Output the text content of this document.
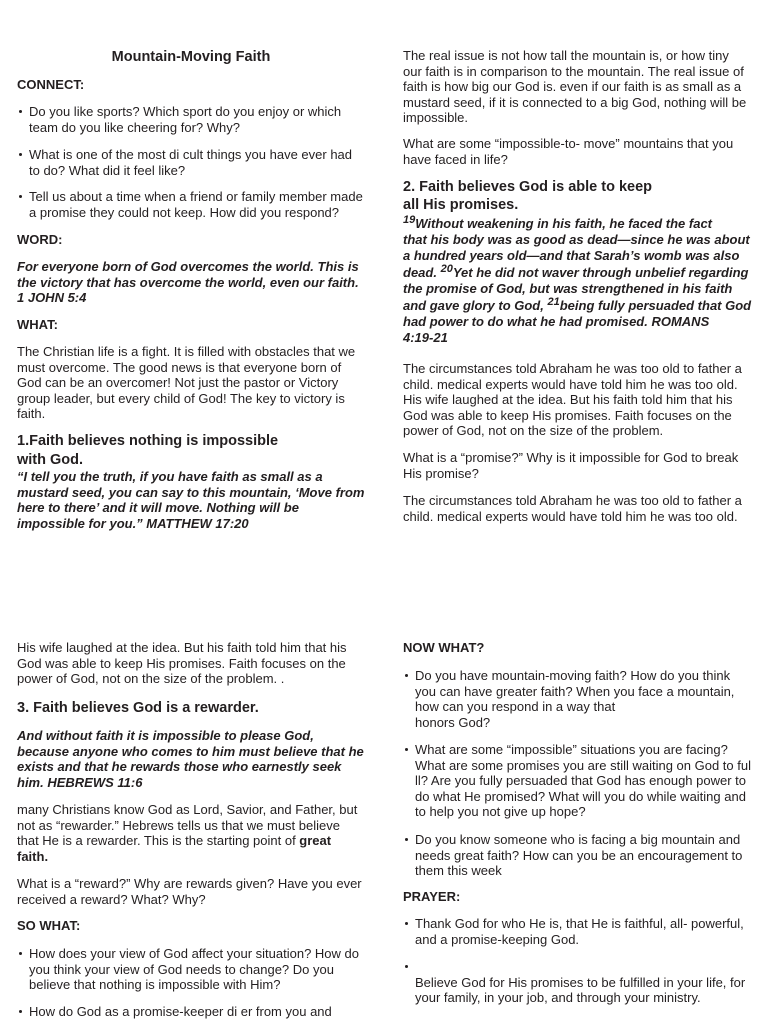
Mountain-Moving Faith
CONNECT:
Do you like sports? Which sport do you enjoy or which
team do you like cheering for? Why?
What is one of the most di cult things you have ever had
to do? What did it feel like?
Tell us about a time when a friend or family member made
a promise they could not keep. How did you respond?
WORD:
For everyone born of God overcomes the world. This is
the victory that has overcome the world, even our faith.
1 JOHN 5:4
WHAT:
The Christian life is a fight. It is filled with obstacles that we
must overcome. The good news is that everyone born of
God can be an overcomer! Not just the pastor or Victory
group leader, but every child of God! The key to victory is
faith.
1.Faith believes nothing is impossible
with God.
“I tell you the truth, if you have faith as small as a
mustard seed, you can say to this mountain, ‘Move from
here to there’ and it will move. Nothing will be
impossible for you.” MATTHEW 17:20
The real issue is not how tall the mountain is, or how tiny
our faith is in comparison to the mountain. The real issue of
faith is how big our God is. even if our faith is as small as a
mustard seed, if it is connected to a big God, nothing will be
impossible.
What are some “impossible-to- move” mountains that you
have faced in life?
2. Faith believes God is able to keep
all His promises.
$^{19}$Without weakening in his faith, he faced the fact
that his body was as good as dead—since he was about
a hundred years old—and that Sarah’s womb was also
dead. $^{20}$Yet he did not waver through unbelief regarding
the promise of God, but was strengthened in his faith
and gave glory to God, $^{21}$being fully persuaded that God
had power to do what he had promised. ROMANS
4:19-21
The circumstances told Abraham he was too old to father a
child. medical experts would have told him he was too old.
His wife laughed at the idea. But his faith told him that his
God was able to keep His promises. Faith focuses on the
power of God, not on the size of the problem.
What is a “promise?” Why is it impossible for God to break
His promise?
The circumstances told Abraham he was too old to father a
child. medical experts would have told him he was too old.
His wife laughed at the idea. But his faith told him that his
God was able to keep His promises. Faith focuses on the
power of God, not on the size of the problem. .
3. Faith believes God is a rewarder.
And without faith it is impossible to please God,
because anyone who comes to him must believe that he
exists and that he rewards those who earnestly seek
him. HEBREWS 11:6
many Christians know God as Lord, Savior, and Father, but
not as “rewarder.” Hebrews tells us that we must believe
that He is a rewarder. This is the starting point of great
faith.
What is a “reward?” Why are rewards given? Have you ever
received a reward? What? Why?
SO WHAT:
How does your view of God affect your situation? How do
you think your view of God needs to change? Do you
believe that nothing is impossible with Him?
How do God as a promise-keeper di er from you and
NOW WHAT?
Do you have mountain-moving faith? How do you think
you can have greater faith? When you face a mountain,
how can you respond in a way that
honors God?
What are some “impossible” situations you are facing?
What are some promises you are still waiting on God to ful
ll? Are you fully persuaded that God has enough power to
do what He promised? What will you do while waiting and
to help you not give up hope?
Do you know someone who is facing a big mountain and
needs great faith? How can you be an encouragement to
them this week
PRAYER:
Thank God for who He is, that He is faithful, all- powerful,
and a promise-keeping God.
Believe God for His promises to be fulfilled in your life, for
your family, in your job, and through your ministry.
